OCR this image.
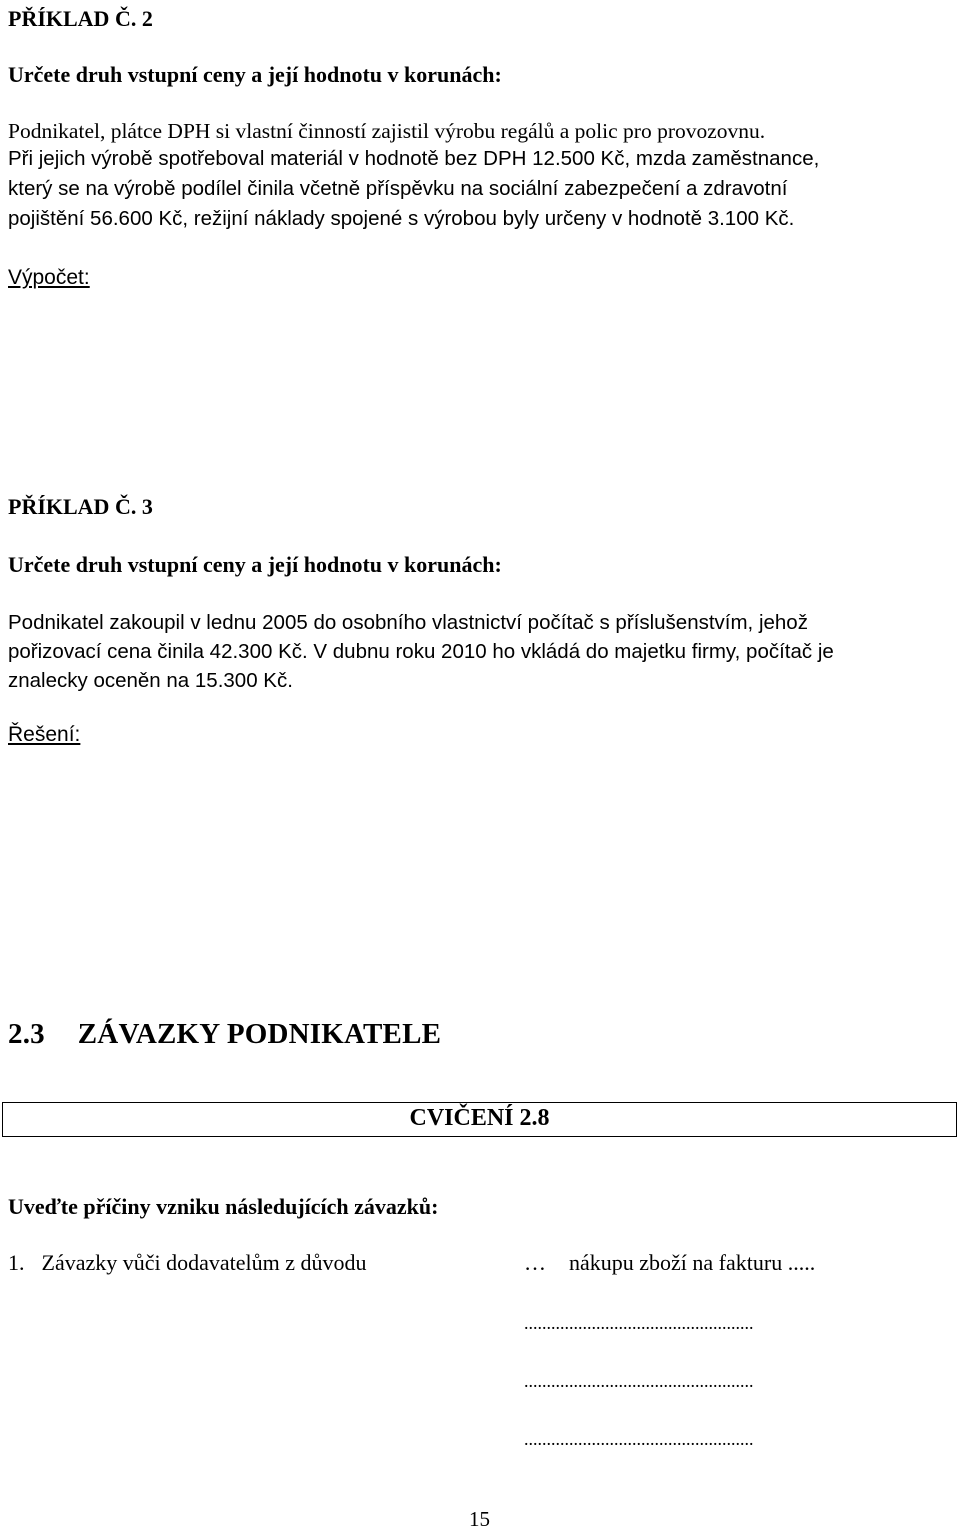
PŘÍKLAD Č. 2
Určete druh vstupní ceny a její hodnotu v korunách:
Podnikatel, plátce DPH si vlastní činností zajistil výrobu regálů a polic pro provozovnu.
Při jejich výrobě spotřeboval materiál v hodnotě bez DPH 12.500 Kč, mzda zaměstnance,
který se na výrobě podílel činila včetně příspěvku na sociální zabezpečení a zdravotní
pojištění 56.600 Kč, režijní náklady spojené s výrobou byly určeny v hodnotě 3.100 Kč.
Výpočet:
PŘÍKLAD Č. 3
Určete druh vstupní ceny a její hodnotu v korunách:
Podnikatel zakoupil v lednu 2005 do osobního vlastnictví počítač s příslušenstvím, jehož
pořizovací cena činila 42.300 Kč. V dubnu roku 2010 ho vkládá do majetku firmy, počítač je
znalecky oceněn na 15.300 Kč.
Řešení:
2.3 ZÁVAZKY PODNIKATELE
CVIČENÍ 2.8
Uveďte příčiny vzniku následujících závazků:
1. Závazky vůči dodavatelům z důvodu	… nákupu zboží na fakturu .....
...................................................
...................................................
...................................................
15
